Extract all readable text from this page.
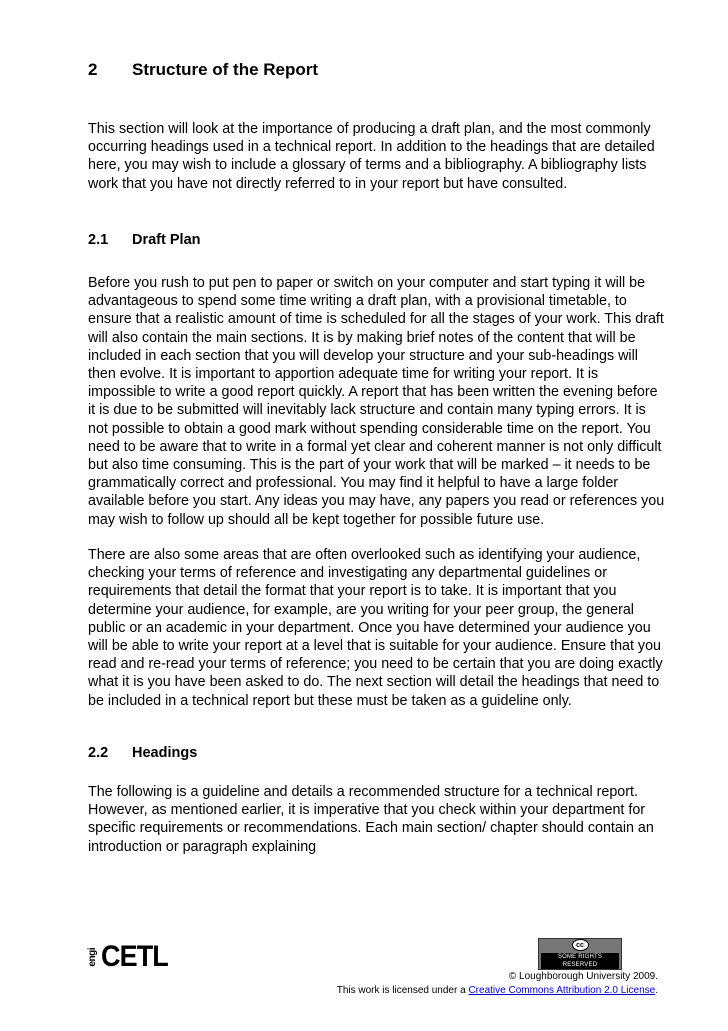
2 Structure of the Report

This section will look at the importance of producing a draft plan, and the most commonly occurring headings used in a technical report. In addition to the headings that are detailed here, you may wish to include a glossary of terms and a bibliography. A bibliography lists work that you have not directly referred to in your report but have consulted.

2.1 Draft Plan

Before you rush to put pen to paper or switch on your computer and start typing it will be advantageous to spend some time writing a draft plan, with a provisional timetable, to ensure that a realistic amount of time is scheduled for all the stages of your work. This draft will also contain the main sections. It is by making brief notes of the content that will be included in each section that you will develop your structure and your sub-headings will then evolve. It is important to apportion adequate time for writing your report. It is impossible to write a good report quickly. A report that has been written the evening before it is due to be submitted will inevitably lack structure and contain many typing errors. It is not possible to obtain a good mark without spending considerable time on the report. You need to be aware that to write in a formal yet clear and coherent manner is not only difficult but also time consuming. This is the part of your work that will be marked – it needs to be grammatically correct and professional. You may find it helpful to have a large folder available before you start. Any ideas you may have, any papers you read or references you may wish to follow up should all be kept together for possible future use.

There are also some areas that are often overlooked such as identifying your audience, checking your terms of reference and investigating any departmental guidelines or requirements that detail the format that your report is to take. It is important that you determine your audience, for example, are you writing for your peer group, the general public or an academic in your department. Once you have determined your audience you will be able to write your report at a level that is suitable for your audience. Ensure that you read and re-read your terms of reference; you need to be certain that you are doing exactly what it is you have been asked to do. The next section will detail the headings that need to be included in a technical report but these must be taken as a guideline only.

2.2 Headings

The following is a guideline and details a recommended structure for a technical report. However, as mentioned earlier, it is imperative that you check within your department for specific requirements or recommendations. Each main section/ chapter should contain an introduction or paragraph explaining

engi CETL	cc
SOME RIGHTS RESERVED
© Loughborough University 2009.
This work is licensed under a Creative Commons Attribution 2.0 License.
